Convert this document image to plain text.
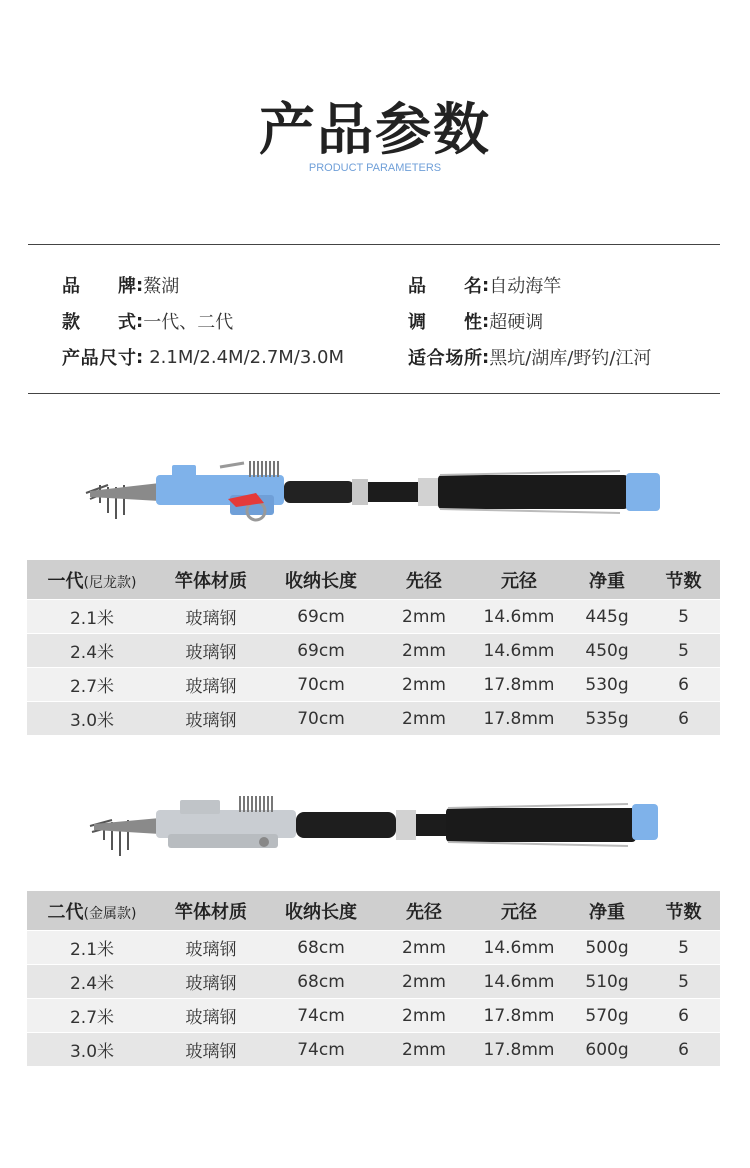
产品参数
PRODUCT PARAMETERS
品牌 : 鰲湖
款式 : 一代、二代
产品尺寸 : 2.1M/2.4M/2.7M/3.0M
品名 : 自动海竿
调性 : 超硬调
适合场所 : 黑坑/湖库/野钓/江河
一代(尼龙款)	竿体材质	收纳长度	先径	元径	净重	节数
2.1米	玻璃钢	69cm	2mm	14.6mm	445g	5
2.4米	玻璃钢	69cm	2mm	14.6mm	450g	5
2.7米	玻璃钢	70cm	2mm	17.8mm	530g	6
3.0米	玻璃钢	70cm	2mm	17.8mm	535g	6
二代(金属款)	竿体材质	收纳长度	先径	元径	净重	节数
2.1米	玻璃钢	68cm	2mm	14.6mm	500g	5
2.4米	玻璃钢	68cm	2mm	14.6mm	510g	5
2.7米	玻璃钢	74cm	2mm	17.8mm	570g	6
3.0米	玻璃钢	74cm	2mm	17.8mm	600g	6
